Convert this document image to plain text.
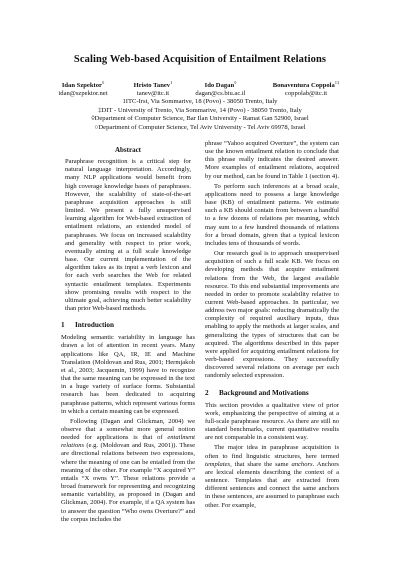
Scaling Web-based Acquisition of Entailment Relations
Idan Szpektor◊
idan@szpektor.net
Hristo Tanev$^1$
tanev@itc.it
Ido Dagan◊
dagan@cs.biu.ac.il
Bonaventura Coppola$^{1\ddagger}$
coppolab@itc.it
1ITC-Irst, Via Sommarive, 18 (Povo) - 38050 Trento, Italy
‡DIT - University of Trento, Via Sommarive, 14 (Povo) - 38050 Trento, Italy
◊Department of Computer Science, Bar Ilan University - Ramat Gan 52900, Israel
○Department of Computer Science, Tel Aviv University - Tel Aviv 69978, Israel
Abstract

Paraphrase recognition is a critical step for natural language interpretation. Accordingly, many NLP applications would benefit from high coverage knowledge bases of paraphrases. However, the scalability of state-of-the-art paraphrase acquisition approaches is still limited. We present a fully unsupervised learning algorithm for Web-based extraction of entailment relations, an extended model of paraphrases. We focus on increased scalability and generality with respect to prior work, eventually aiming at a full scale knowledge base. Our current implementation of the algorithm takes as its input a verb lexicon and for each verb searches the Web for related syntactic entailment templates. Experiments show promising results with respect to the ultimate goal, achieving much better scalability than prior Web-based methods.

1 Introduction

Modeling semantic variability in language has drawn a lot of attention in recent years. Many applications like QA, IR, IE and Machine Translation (Moldovan and Rus, 2001; Hermjakob et al., 2003; Jacquemin, 1999) have to recognize that the same meaning can be expressed in the text in a huge variety of surface forms. Substantial research has been dedicated to acquiring paraphrase patterns, which represent various forms in which a certain meaning can be expressed.

Following (Dagan and Glickman, 2004) we observe that a somewhat more general notion needed for applications is that of entailment relations (e.g. (Moldovan and Rus, 2001)). These are directional relations between two expressions, where the meaning of one can be entailed from the meaning of the other. For example “X acquired Y” entails “X owns Y”. These relations provide a broad framework for representing and recognizing semantic variability, as proposed in (Dagan and Glickman, 2004). For example, if a QA system has to answer the question “Who owns Overture?” and the corpus includes the

phrase “Yahoo acquired Overture”, the system can use the known entailment relation to conclude that this phrase really indicates the desired answer. More examples of entailment relations, acquired by our method, can be found in Table 1 (section 4).

To perform such inferences at a broad scale, applications need to possess a large knowledge base (KB) of entailment patterns. We estimate such a KB should contain from between a handful to a few dozens of relations per meaning, which may sum to a few hundred thousands of relations for a broad domain, given that a typical lexicon includes tens of thousands of words.

Our research goal is to approach unsupervised acquisition of such a full scale KB. We focus on developing methods that acquire entailment relations from the Web, the largest available resource. To this end substantial improvements are needed in order to promote scalability relative to current Web-based approaches. In particular, we address two major goals: reducing dramatically the complexity of required auxiliary inputs, thus enabling to apply the methods at larger scales, and generalizing the types of structures that can be acquired. The algorithms described in this paper were applied for acquiring entailment relations for verb-based expressions. They successfully discovered several relations on average per each randomly selected expression.

2 Background and Motivations

This section provides a qualitative view of prior work, emphasizing the perspective of aiming at a full-scale paraphrase resource. As there are still no standard benchmarks, current quantitative results are not comparable in a consistent way.

The major idea in paraphrase acquisition is often to find linguistic structures, here termed templates, that share the same anchors. Anchors are lexical elements describing the context of a sentence. Templates that are extracted from different sentences and connect the same anchors in these sentences, are assumed to paraphrase each other. For example,
